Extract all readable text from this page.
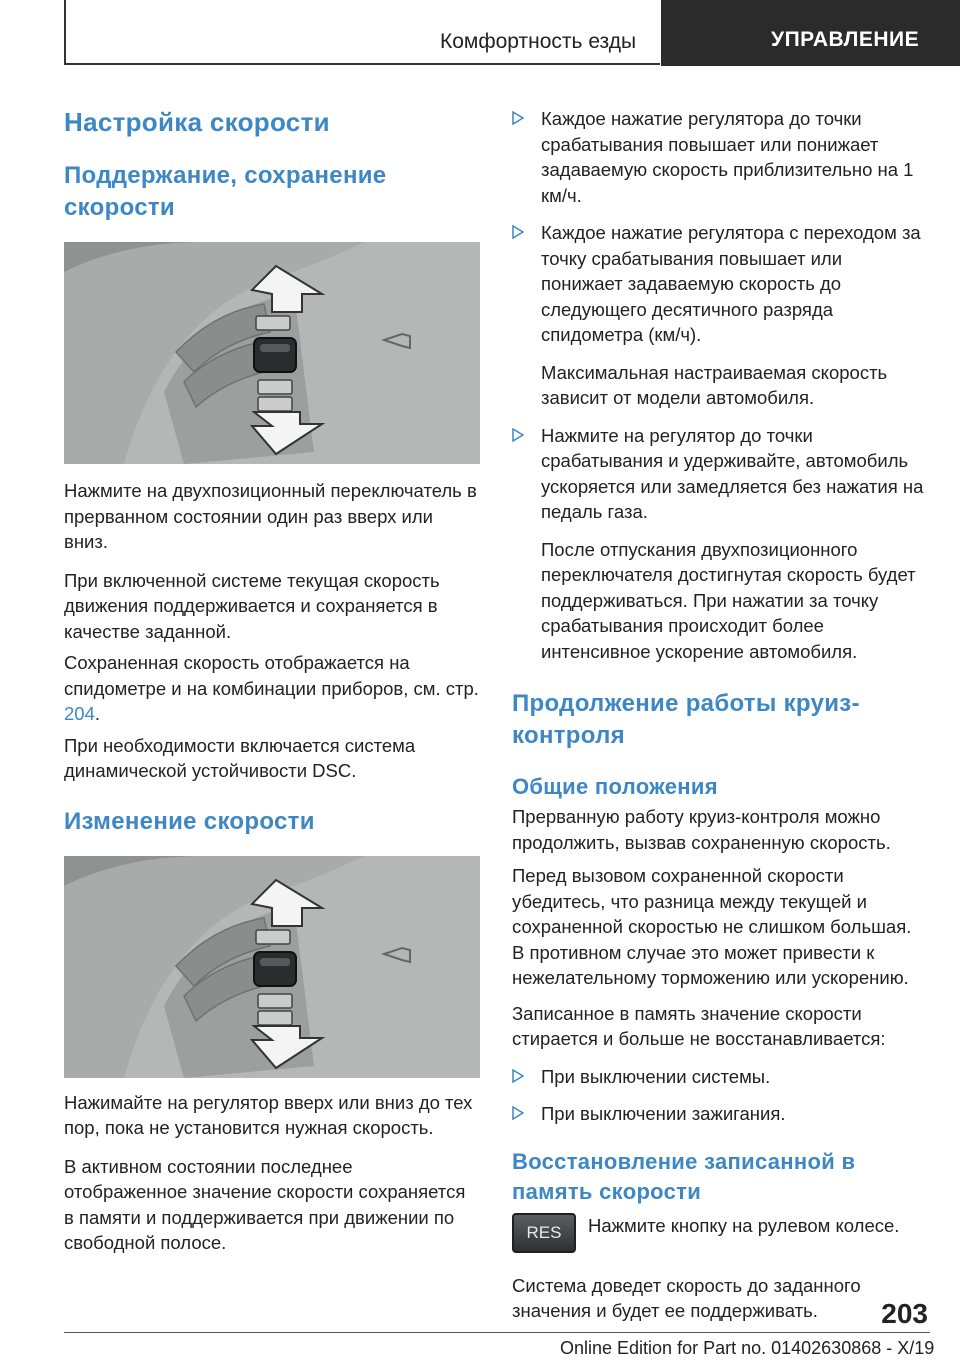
Комфортность езды	УПРАВЛЕНИЕ
Настройка скорости
Поддержание, сохранение скорости

Нажмите на двухпозиционный переключатель в прерванном состоянии один раз вверх или вниз.

При включенной системе текущая скорость движения поддерживается и сохраняется в качестве заданной.

Сохраненная скорость отображается на спидометре и на комбинации приборов, см. стр. 204.

При необходимости включается система динамической устойчивости DSC.

Изменение скорости

Нажимайте на регулятор вверх или вниз до тех пор, пока не установится нужная скорость.

В активном состоянии последнее отображенное значение скорости сохраняется в памяти и поддерживается при движении по свободной полосе.

Каждое нажатие регулятора до точки срабатывания повышает или понижает задаваемую скорость приблизительно на 1 км/ч.
Каждое нажатие регулятора с переходом за точку срабатывания повышает или понижает задаваемую скорость до следующего десятичного разряда спидометра (км/ч).

Максимальная настраиваемая скорость зависит от модели автомобиля.

Нажмите на регулятор до точки срабатывания и удерживайте, автомобиль ускоряется или замедляется без нажатия на педаль газа.

После отпускания двухпозиционного переключателя достигнутая скорость будет поддерживаться. При нажатии за точку срабатывания происходит более интенсивное ускорение автомобиля.

Продолжение работы круиз-контроля
Общие положения

Прерванную работу круиз-контроля можно продолжить, вызвав сохраненную скорость.

Перед вызовом сохраненной скорости убедитесь, что разница между текущей и сохраненной скоростью не слишком большая. В противном случае это может привести к нежелательному торможению или ускорению.

Записанное в память значение скорости стирается и больше не восстанавливается:

При выключении системы.
При выключении зажигания.
Восстановление записанной в память скорости
RES	Нажмите кнопку на рулевом колесе.

Система доведет скорость до заданного значения и будет ее поддерживать.	203
Online Edition for Part no. 01402630868 - X/19
